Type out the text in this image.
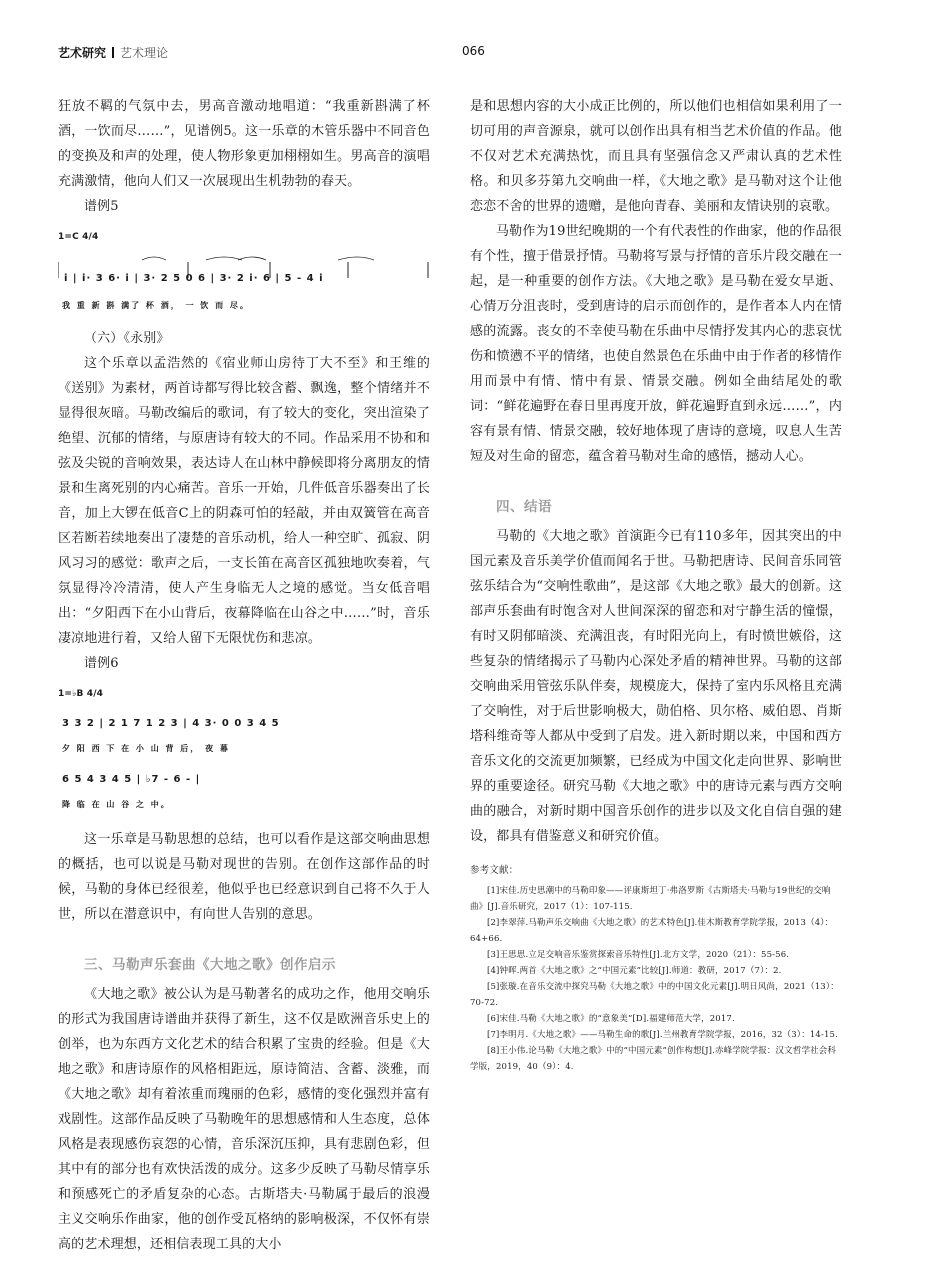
艺术研究 艺术理论	066

狂放不羁的气氛中去，男高音激动地唱道：“我重新斟满了杯酒，一饮而尽……”，见谱例5。这一乐章的木管乐器中不同音色的变换及和声的处理，使人物形象更加栩栩如生。男高音的演唱充满激情，他向人们又一次展现出生机勃勃的春天。

谱例5
1=C 4/4
i | i· 3 6· i | 3· 2 5 0 6 | 3· 2 i· 6 | 5 - 4 i
我 重 新 斟 满了 杯 酒， 一 饮 而 尽。

（六）《永别》

这个乐章以孟浩然的《宿业师山房待丁大不至》和王维的《送别》为素材，两首诗都写得比较含蓄、飘逸，整个情绪并不显得很灰暗。马勒改编后的歌词，有了较大的变化，突出渲染了绝望、沉郁的情绪，与原唐诗有较大的不同。作品采用不协和和弦及尖锐的音响效果，表达诗人在山林中静候即将分离朋友的情景和生离死别的内心痛苦。音乐一开始，几件低音乐器奏出了长音，加上大锣在低音C上的阴森可怕的轻敲，并由双簧管在高音区若断若续地奏出了凄楚的音乐动机，给人一种空旷、孤寂、阴风习习的感觉：歌声之后，一支长笛在高音区孤独地吹奏着，气氛显得冷冷清清，使人产生身临无人之境的感觉。当女低音唱出：“夕阳西下在小山背后，夜幕降临在山谷之中……”时，音乐凄凉地进行着，又给人留下无限忧伤和悲凉。

谱例6
1=♭B 4/4
3 3 2 | 2 1 7 1 2 3 | 4 3· 0 0 3 4 5
夕 阳 西 下 在 小 山 背 后， 夜 幕
6 5 4 3 4 5 | ♭7 - 6 - |
降 临 在 山 谷 之 中。

这一乐章是马勒思想的总结，也可以看作是这部交响曲思想的概括，也可以说是马勒对现世的告别。在创作这部作品的时候，马勒的身体已经很差，他似乎也已经意识到自己将不久于人世，所以在潜意识中，有向世人告别的意思。

三、马勒声乐套曲《大地之歌》创作启示

《大地之歌》被公认为是马勒著名的成功之作，他用交响乐的形式为我国唐诗谱曲并获得了新生，这不仅是欧洲音乐史上的创举，也为东西方文化艺术的结合积累了宝贵的经验。但是《大地之歌》和唐诗原作的风格相距远，原诗简洁、含蓄、淡雅，而《大地之歌》却有着浓重而瑰丽的色彩，感情的变化强烈并富有戏剧性。这部作品反映了马勒晚年的思想感情和人生态度，总体风格是表现感伤哀怨的心情，音乐深沉压抑，具有悲剧色彩，但其中有的部分也有欢快活泼的成分。这多少反映了马勒尽情享乐和预感死亡的矛盾复杂的心态。古斯塔夫·马勒属于最后的浪漫主义交响乐作曲家，他的创作受瓦格纳的影响极深，不仅怀有崇高的艺术理想，还相信表现工具的大小

是和思想内容的大小成正比例的，所以他们也相信如果利用了一切可用的声音源泉，就可以创作出具有相当艺术价值的作品。他不仅对艺术充满热忱，而且具有坚强信念又严肃认真的艺术性格。和贝多芬第九交响曲一样，《大地之歌》是马勒对这个让他恋恋不舍的世界的遗赠，是他向青春、美丽和友情诀别的哀歌。

马勒作为19世纪晚期的一个有代表性的作曲家，他的作品很有个性，擅于借景抒情。马勒将写景与抒情的音乐片段交融在一起，是一种重要的创作方法。《大地之歌》是马勒在爱女早逝、心情万分沮丧时，受到唐诗的启示而创作的，是作者本人内在情感的流露。丧女的不幸使马勒在乐曲中尽情抒发其内心的悲哀忧伤和愤懑不平的情绪，也使自然景色在乐曲中由于作者的移情作用而景中有情、情中有景、情景交融。例如全曲结尾处的歌词：“鲜花遍野在春日里再度开放，鲜花遍野直到永远……”，内容有景有情、情景交融，较好地体现了唐诗的意境，叹息人生苦短及对生命的留恋，蕴含着马勒对生命的感悟，撼动人心。

四、结语

马勒的《大地之歌》首演距今已有110多年，因其突出的中国元素及音乐美学价值而闻名于世。马勒把唐诗、民间音乐同管弦乐结合为“交响性歌曲”，是这部《大地之歌》最大的创新。这部声乐套曲有时饱含对人世间深深的留恋和对宁静生活的憧憬，有时又阴郁暗淡、充满沮丧，有时阳光向上，有时愤世嫉俗，这些复杂的情绪揭示了马勒内心深处矛盾的精神世界。马勒的这部交响曲采用管弦乐队伴奏，规模庞大，保持了室内乐风格且充满了交响性，对于后世影响极大，勋伯格、贝尔格、威伯恩、肖斯塔科维奇等人都从中受到了启发。进入新时期以来，中国和西方音乐文化的交流更加频繁，已经成为中国文化走向世界、影响世界的重要途径。研究马勒《大地之歌》中的唐诗元素与西方交响曲的融合，对新时期中国音乐创作的进步以及文化自信自强的建设，都具有借鉴意义和研究价值。

参考文献：

[1]宋佳.历史思潮中的马勒印象——评康斯坦丁·弗洛罗斯《古斯塔夫·马勒与19世纪的交响曲》[J].音乐研究，2017（1）：107-115.

[2]李翠萍.马勒声乐交响曲《大地之歌》的艺术特色[J].佳木斯教育学院学报，2013（4）：64+66.

[3]王思思.立足交响音乐鉴赏探索音乐特性[J].北方文学，2020（21）：55-56.

[4]钟晖.两首《大地之歌》之“中国元素”比较[J].师道：教研，2017（7）：2.

[5]张璇.在音乐交流中探究马勒《大地之歌》中的中国文化元素[J].明日风尚，2021（13）：70-72.

[6]宋佳.马勒《大地之歌》的“意象美”[D].福建师范大学，2017.

[7]李明月.《大地之歌》——马勒生命的歌[J].兰州教育学院学报，2016，32（3）：14-15.

[8]王小伟.论马勒《大地之歌》中的“中国元素”创作构想[J].赤峰学院学报：汉文哲学社会科学版，2019，40（9）：4.
